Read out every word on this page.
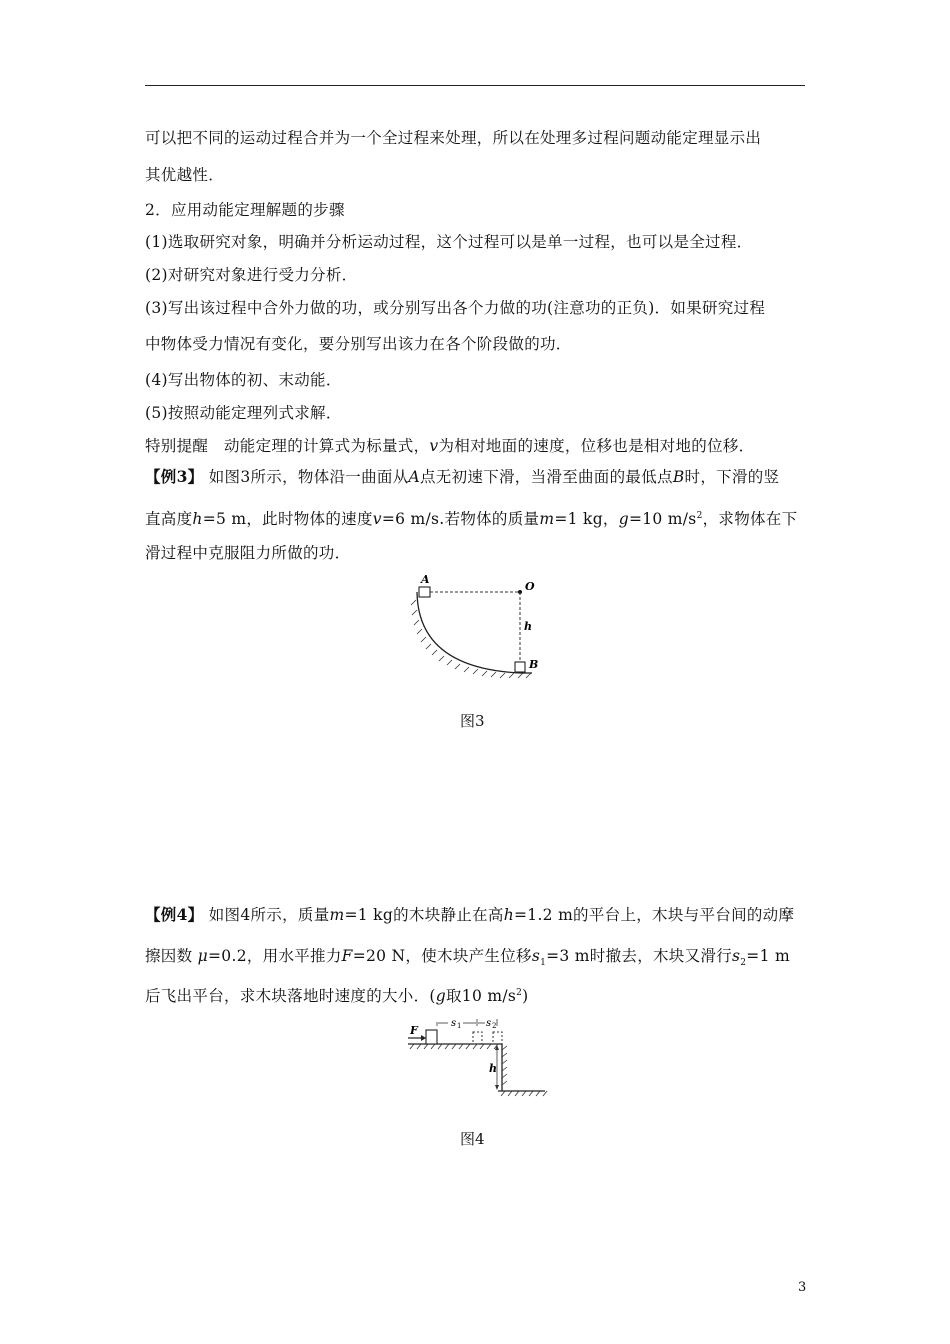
可以把不同的运动过程合并为一个全过程来处理，所以在处理多过程问题动能定理显示出
其优越性．
2．应用动能定理解题的步骤
(1)选取研究对象，明确并分析运动过程，这个过程可以是单一过程，也可以是全过程．
(2)对研究对象进行受力分析．
(3)写出该过程中合外力做的功，或分别写出各个力做的功(注意功的正负)．如果研究过程
中物体受力情况有变化，要分别写出该力在各个阶段做的功．
(4)写出物体的初、末动能．
(5)按照动能定理列式求解．
特别提醒　动能定理的计算式为标量式，v为相对地面的速度，位移也是相对地的位移．
【例3】 如图3所示，物体沿一曲面从A点无初速下滑，当滑至曲面的最低点B时，下滑的竖
直高度h=5 m，此时物体的速度v=6 m/s.若物体的质量m=1 kg，g=10 $m/s^2$，求物体在下
滑过程中克服阻力所做的功．
A
O
h
B
图3
【例4】 如图4所示，质量m=1 kg的木块静止在高h=1.2 m的平台上，木块与平台间的动摩
擦因数 μ=0.2，用水平推力F=20 N，使木块产生位移$s_1=3$ m时撤去，木块又滑行$s_2=1$ m
后飞出平台，求木块落地时速度的大小．(g取10 $m/s^2$)
F
s 1 s 2
h
图4
3
